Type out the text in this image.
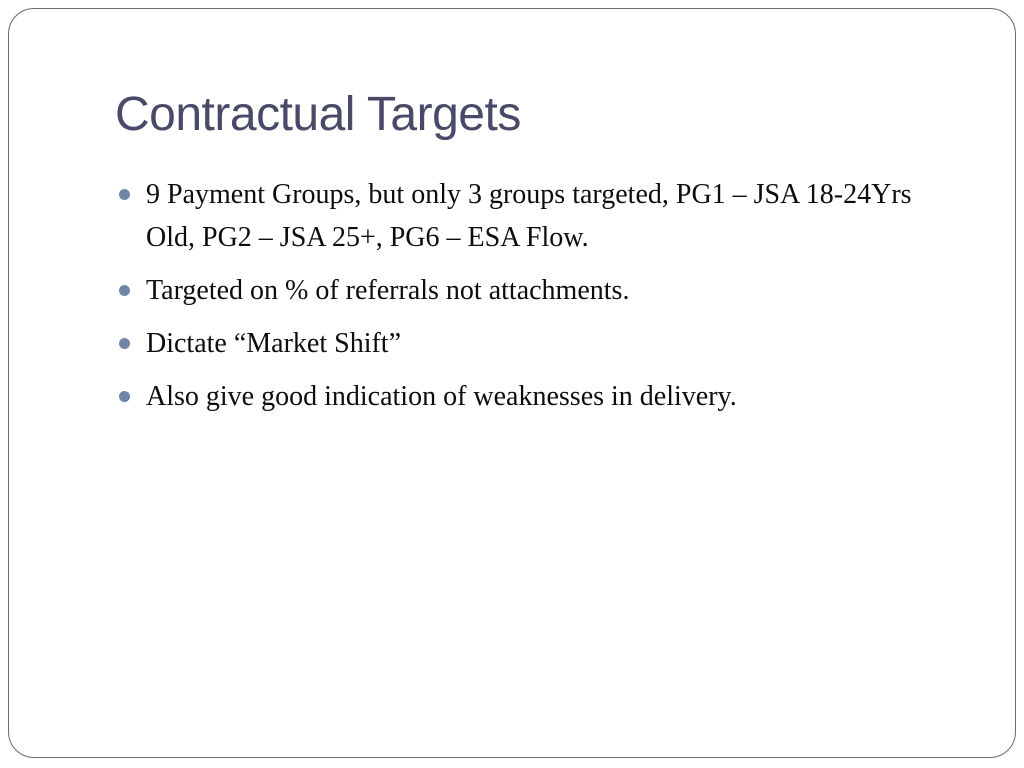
Contractual Targets
9 Payment Groups, but only 3 groups targeted, PG1 – JSA 18-24Yrs Old, PG2 – JSA 25+, PG6 – ESA Flow.
Targeted on % of referrals not attachments.
Dictate “Market Shift”
Also give good indication of weaknesses in delivery.
